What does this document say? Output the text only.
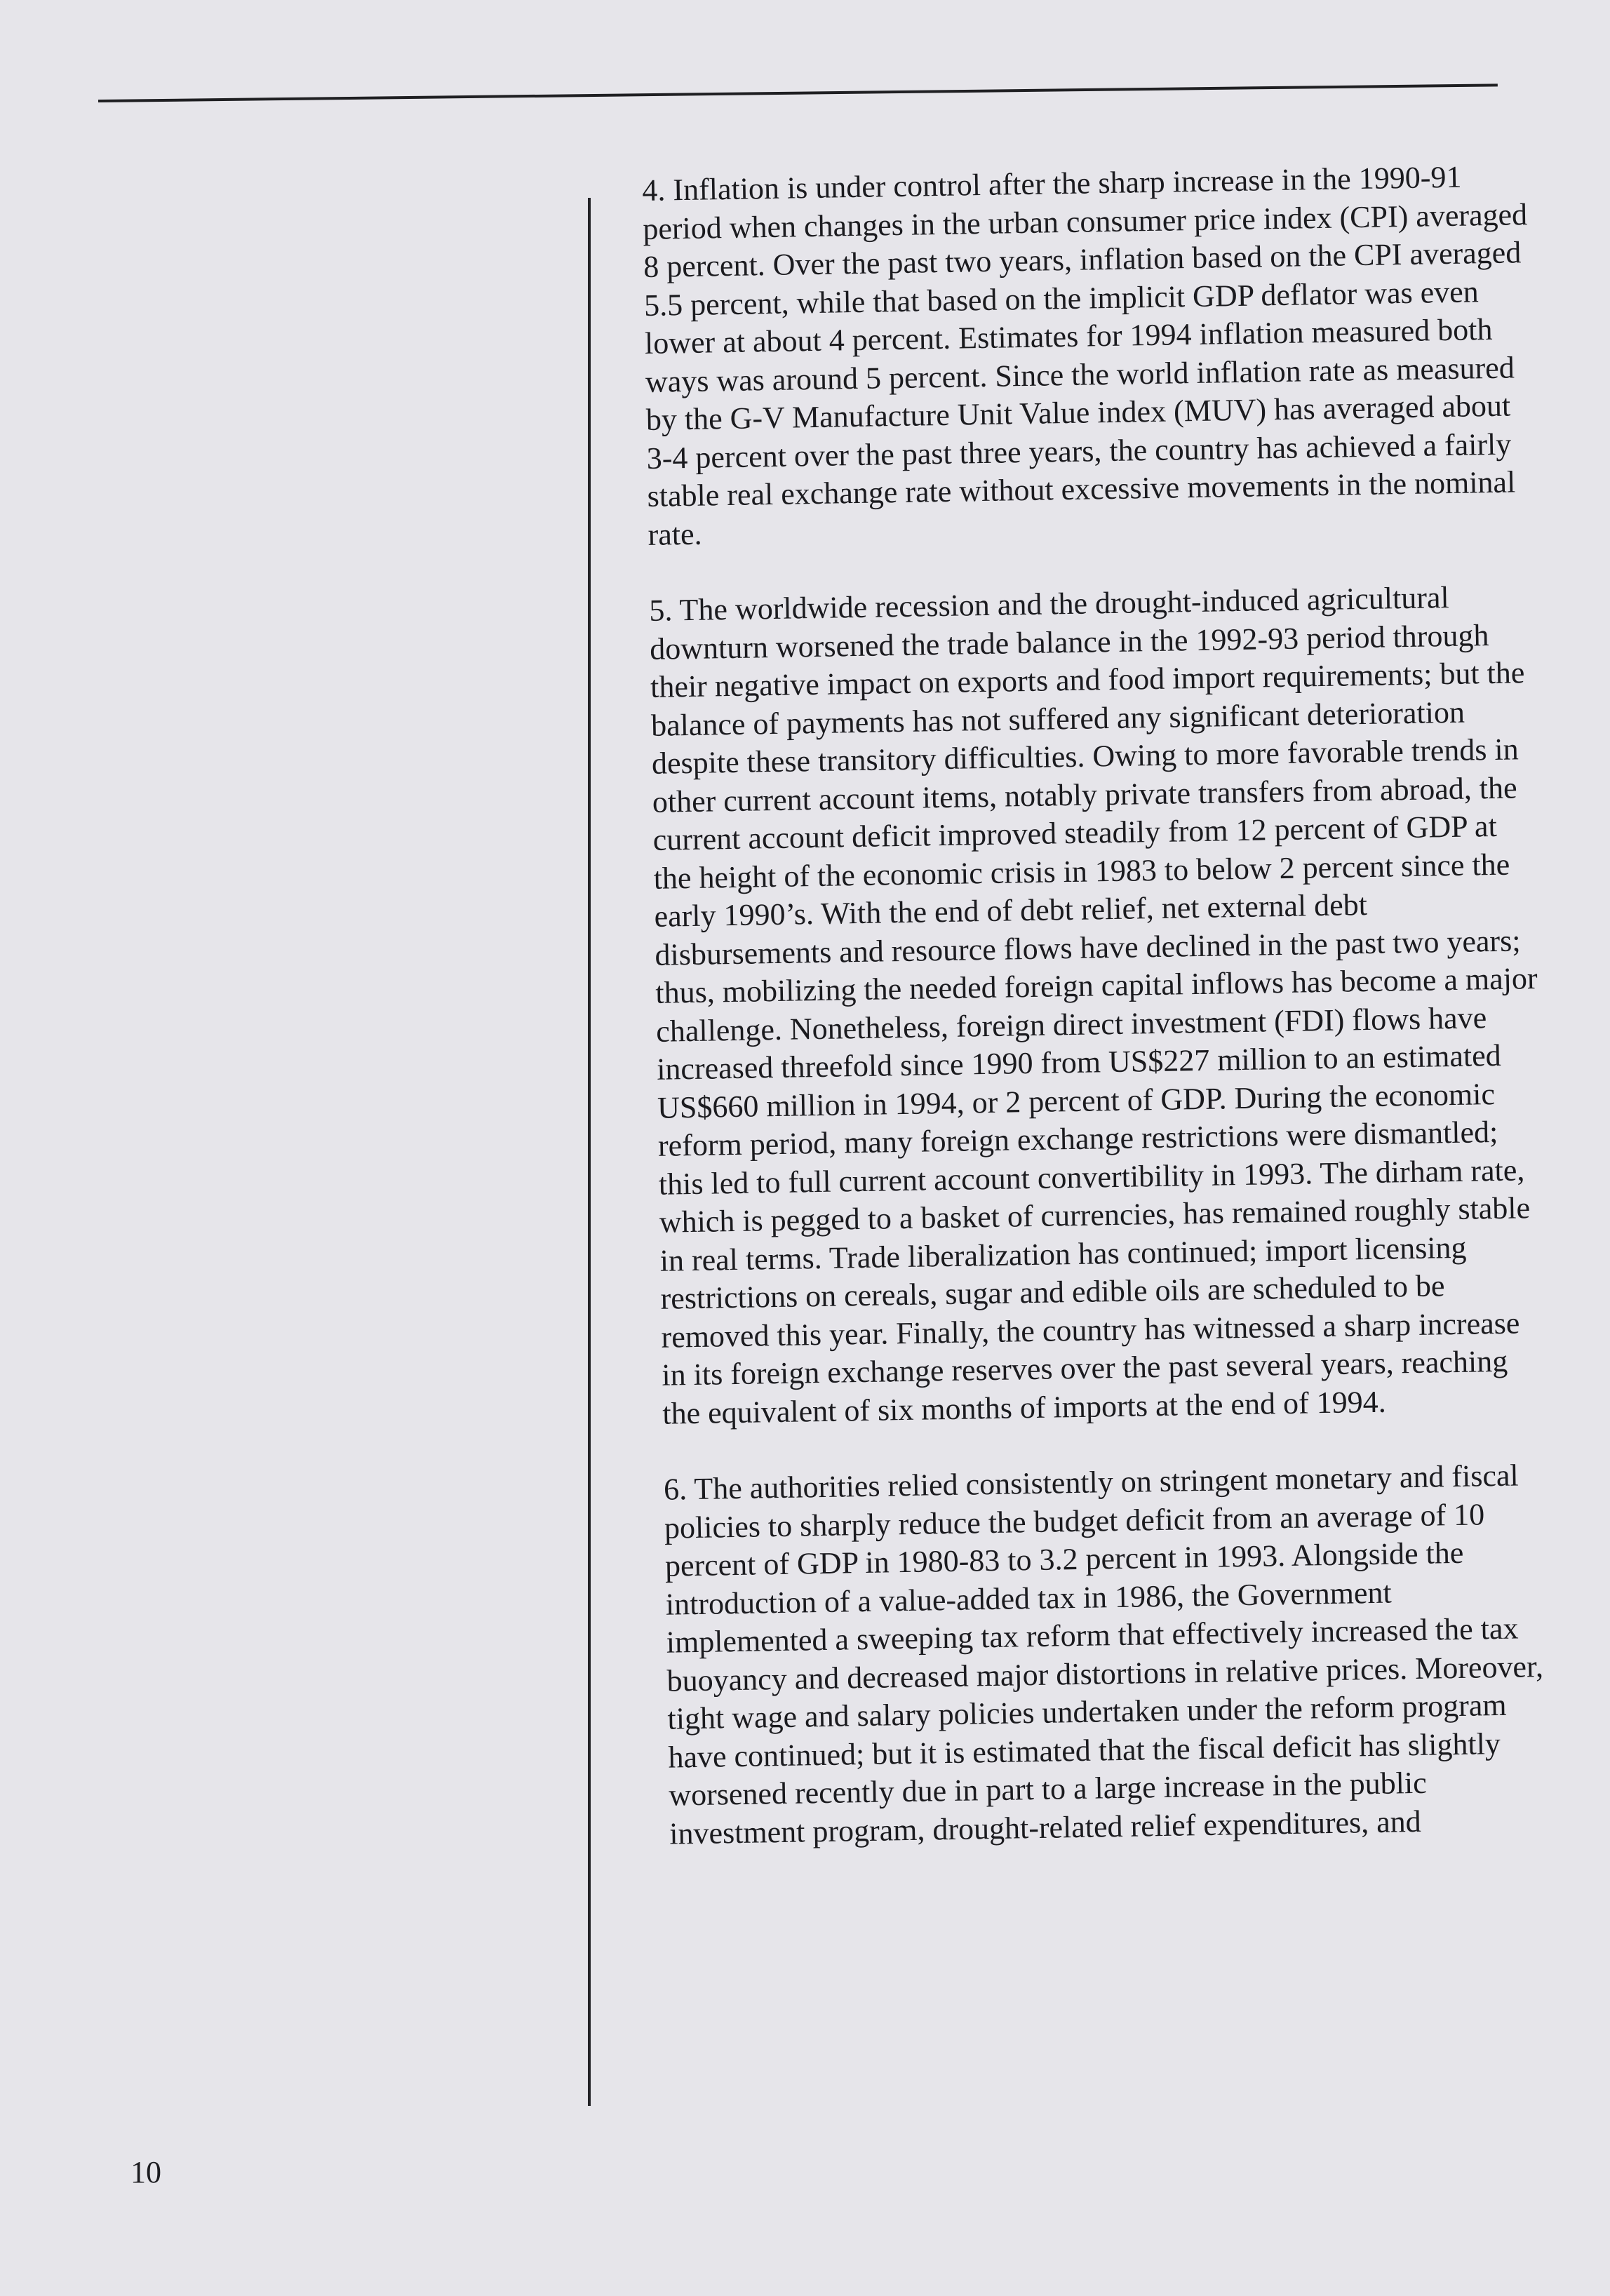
4. Inflation is under control after the sharp increase in the 1990-91 period when changes in the urban consumer price index (CPI) averaged 8 percent. Over the past two years, inflation based on the CPI averaged 5.5 percent, while that based on the implicit GDP deflator was even lower at about 4 percent. Estimates for 1994 inflation measured both ways was around 5 percent. Since the world inflation rate as measured by the G-V Manufacture Unit Value index (MUV) has averaged about 3-4 percent over the past three years, the country has achieved a fairly stable real exchange rate without excessive movements in the nominal rate.

5. The worldwide recession and the drought-induced agricultural downturn worsened the trade balance in the 1992-93 period through their negative impact on exports and food import requirements; but the balance of payments has not suffered any significant deterioration despite these transitory difficulties. Owing to more favorable trends in other current account items, notably private transfers from abroad, the current account deficit improved steadily from 12 percent of GDP at the height of the economic crisis in 1983 to below 2 percent since the early 1990’s. With the end of debt relief, net external debt disbursements and resource flows have declined in the past two years; thus, mobilizing the needed foreign capital inflows has become a major challenge. Nonetheless, foreign direct investment (FDI) flows have increased threefold since 1990 from US$227 million to an estimated US$660 million in 1994, or 2 percent of GDP. During the economic reform period, many foreign exchange restrictions were dismantled; this led to full current account convertibility in 1993. The dirham rate, which is pegged to a basket of currencies, has remained roughly stable in real terms. Trade liberalization has continued; import licensing restrictions on cereals, sugar and edible oils are scheduled to be removed this year. Finally, the country has witnessed a sharp increase in its foreign exchange reserves over the past several years, reaching the equivalent of six months of imports at the end of 1994.

6. The authorities relied consistently on stringent monetary and fiscal policies to sharply reduce the budget deficit from an average of 10 percent of GDP in 1980-83 to 3.2 percent in 1993. Alongside the introduction of a value-added tax in 1986, the Government implemented a sweeping tax reform that effectively increased the tax buoyancy and decreased major distortions in relative prices. Moreover, tight wage and salary policies undertaken under the reform program have continued; but it is estimated that the fiscal deficit has slightly worsened recently due in part to a large increase in the public investment program, drought-related relief expenditures, and

10
